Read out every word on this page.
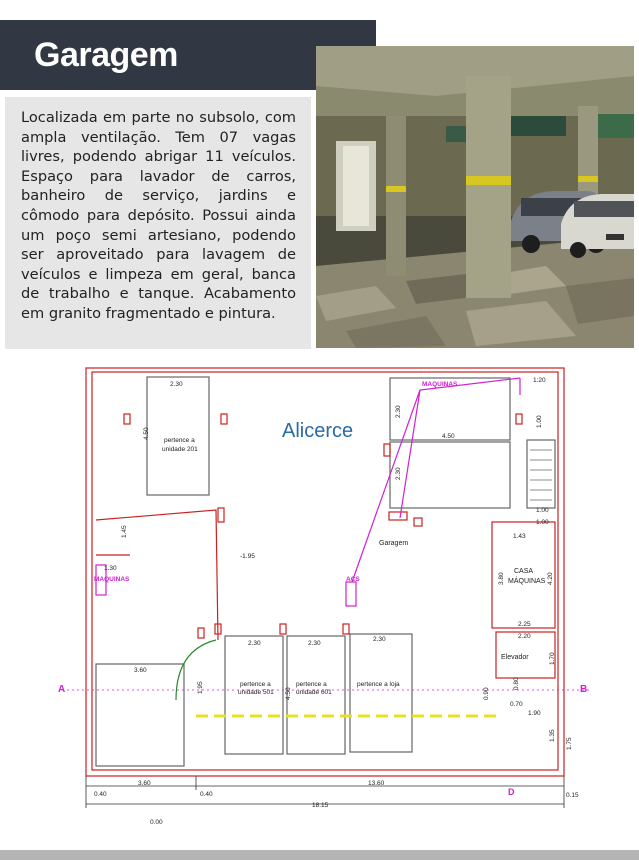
Garagem
Localizada em parte no subsolo, com ampla ventilação. Tem 07 vagas livres, podendo abrigar 11 veículos. Espaço para lavador de carros, banheiro de serviço, jardins e cômodo para depósito. Possui ainda um poço semi artesiano, podendo ser aproveitado para lavagem de veículos e limpeza em geral, banca de trabalho e tanque. Acabamento em granito fragmentado e pintura.
Alicerce
pertence a
unidade 201
Garagem
CASA
MÁQUINAS
Elevador
pertence a
unidade 501
pertence a
unidade 601
pertence a loja
MAQUINAS
MAQUINAS	ACS
A	B
D
2.30
4.50
2.30
4.50
2.30
1:20
1.00
1.00
1.00
1.43
1.45
1.30
3.80	4.20
2.25
2.20
1.70
3.60
1.95
2.30	2.30
2.30
4.50	0.90
0.80
0.70
1.90
1.35
1.75
0.40
3.60
0.40
13.60
0.15
18.15
-1.95
0.00
